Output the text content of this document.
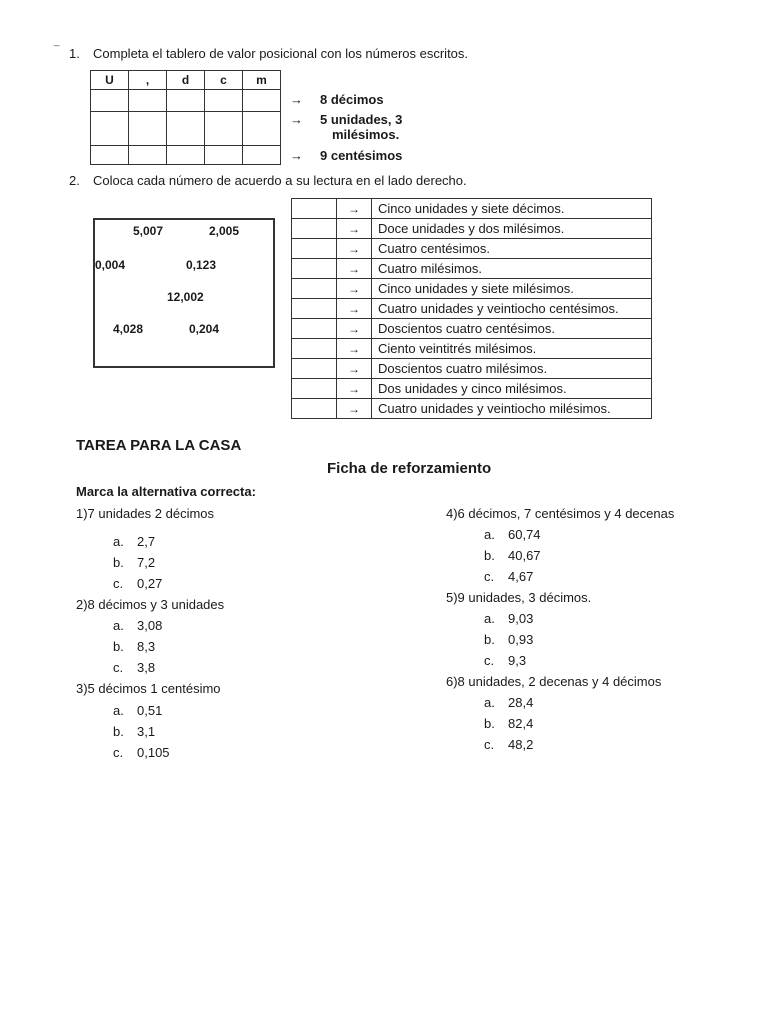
_
1. Completa el tablero de valor posicional con los números escritos.
U	,	d	c	m

→ 8 décimos
→ 5 unidades, 3
milésimos.
→ 9 centésimos
2. Coloca cada número de acuerdo a su lectura en el lado derecho.
5,007	2,005
0,004	0,123
12,002
4,028	0,204
	→	Cinco unidades y siete décimos.
	→	Doce unidades y dos milésimos.
	→	Cuatro centésimos.
	→	Cuatro milésimos.
	→	Cinco unidades y siete milésimos.
	→	Cuatro unidades y veintiocho centésimos.
	→	Doscientos cuatro centésimos.
	→	Ciento veintitrés milésimos.
	→	Doscientos cuatro milésimos.
	→	Dos unidades y cinco milésimos.
	→	Cuatro unidades y veintiocho milésimos.
TAREA PARA LA CASA
Ficha de reforzamiento
Marca la alternativa correcta:
1)7 unidades 2 décimos
a. 2,7
b. 7,2
c. 0,27
2)8 décimos y 3 unidades
a. 3,08
b. 8,3
c. 3,8
3)5 décimos 1 centésimo
a. 0,51
b. 3,1
c. 0,105
4)6 décimos, 7 centésimos y 4 decenas
a. 60,74
b. 40,67
c. 4,67
5)9 unidades, 3 décimos.
a. 9,03
b. 0,93
c. 9,3
6)8 unidades, 2 decenas y 4 décimos
a. 28,4
b. 82,4
c. 48,2
